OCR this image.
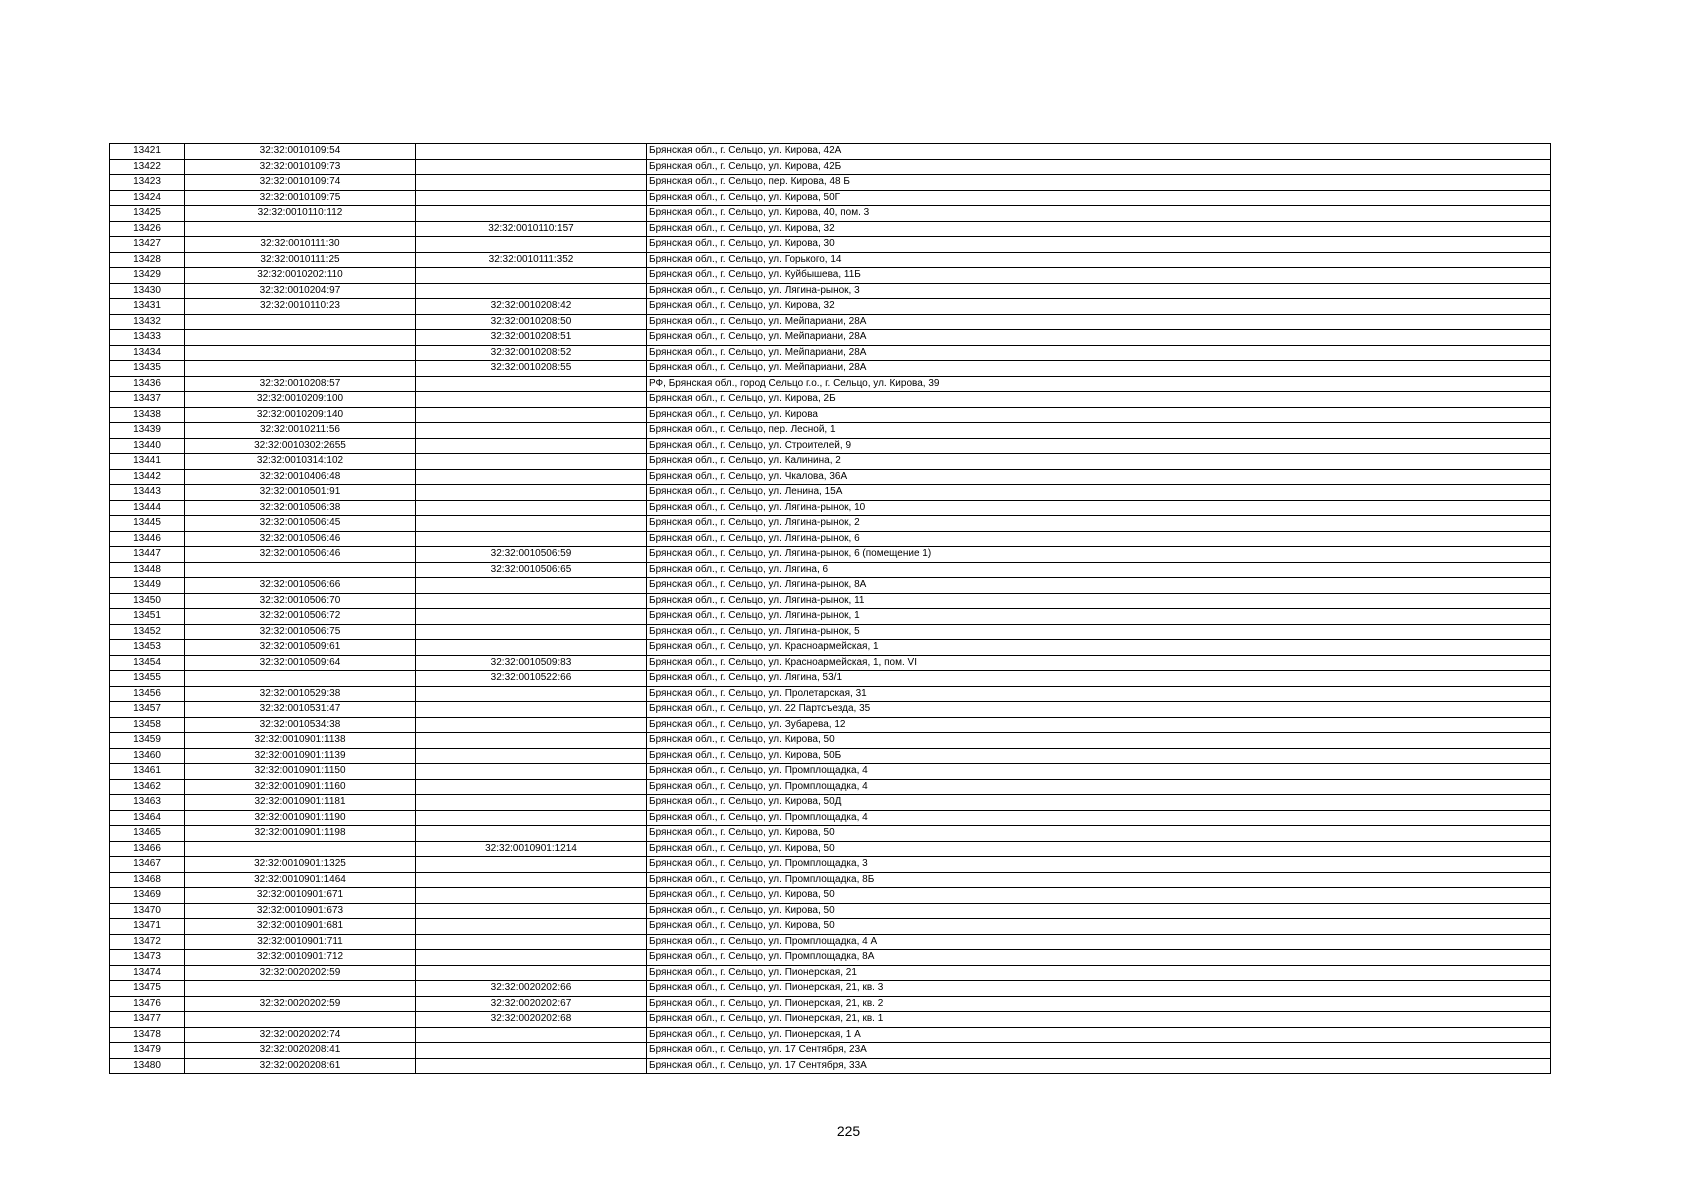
13421	32:32:0010109:54		Брянская обл., г. Сельцо, ул. Кирова, 42А
13422	32:32:0010109:73		Брянская обл., г. Сельцо, ул. Кирова, 42Б
13423	32:32:0010109:74		Брянская обл., г. Сельцо, пер. Кирова, 48 Б
13424	32:32:0010109:75		Брянская обл., г. Сельцо, ул. Кирова, 50Г
13425	32:32:0010110:112		Брянская обл., г. Сельцо, ул. Кирова, 40, пом. 3
13426		32:32:0010110:157	Брянская обл., г. Сельцо, ул. Кирова, 32
13427	32:32:0010111:30		Брянская обл., г. Сельцо, ул. Кирова, 30
13428	32:32:0010111:25	32:32:0010111:352	Брянская обл., г. Сельцо, ул. Горького, 14
13429	32:32:0010202:110		Брянская обл., г. Сельцо, ул. Куйбышева, 11Б
13430	32:32:0010204:97		Брянская обл., г. Сельцо, ул. Лягина-рынок, 3
13431	32:32:0010110:23	32:32:0010208:42	Брянская обл., г. Сельцо, ул. Кирова, 32
13432		32:32:0010208:50	Брянская обл., г. Сельцо, ул. Мейпариани, 28А
13433		32:32:0010208:51	Брянская обл., г. Сельцо, ул. Мейпариани, 28А
13434		32:32:0010208:52	Брянская обл., г. Сельцо, ул. Мейпариани, 28А
13435		32:32:0010208:55	Брянская обл., г. Сельцо, ул. Мейпариани, 28А
13436	32:32:0010208:57		РФ, Брянская обл., город Сельцо г.о., г. Сельцо, ул. Кирова, 39
13437	32:32:0010209:100		Брянская обл., г. Сельцо, ул. Кирова, 2Б
13438	32:32:0010209:140		Брянская обл., г. Сельцо, ул. Кирова
13439	32:32:0010211:56		Брянская обл., г. Сельцо, пер. Лесной, 1
13440	32:32:0010302:2655		Брянская обл., г. Сельцо, ул. Строителей, 9
13441	32:32:0010314:102		Брянская обл., г. Сельцо, ул. Калинина, 2
13442	32:32:0010406:48		Брянская обл., г. Сельцо, ул. Чкалова, 36А
13443	32:32:0010501:91		Брянская обл., г. Сельцо, ул. Ленина, 15А
13444	32:32:0010506:38		Брянская обл., г. Сельцо, ул. Лягина-рынок, 10
13445	32:32:0010506:45		Брянская обл., г. Сельцо, ул. Лягина-рынок, 2
13446	32:32:0010506:46		Брянская обл., г. Сельцо, ул. Лягина-рынок, 6
13447	32:32:0010506:46	32:32:0010506:59	Брянская обл., г. Сельцо, ул. Лягина-рынок, 6 (помещение 1)
13448		32:32:0010506:65	Брянская обл., г. Сельцо, ул. Лягина, 6
13449	32:32:0010506:66		Брянская обл., г. Сельцо, ул. Лягина-рынок, 8А
13450	32:32:0010506:70		Брянская обл., г. Сельцо, ул. Лягина-рынок, 11
13451	32:32:0010506:72		Брянская обл., г. Сельцо, ул. Лягина-рынок, 1
13452	32:32:0010506:75		Брянская обл., г. Сельцо, ул. Лягина-рынок, 5
13453	32:32:0010509:61		Брянская обл., г. Сельцо, ул. Красноармейская, 1
13454	32:32:0010509:64	32:32:0010509:83	Брянская обл., г. Сельцо, ул. Красноармейская, 1, пом. VI
13455		32:32:0010522:66	Брянская обл., г. Сельцо, ул. Лягина, 53/1
13456	32:32:0010529:38		Брянская обл., г. Сельцо, ул. Пролетарская, 31
13457	32:32:0010531:47		Брянская обл., г. Сельцо, ул. 22 Партсъезда, 35
13458	32:32:0010534:38		Брянская обл., г. Сельцо, ул. Зубарева, 12
13459	32:32:0010901:1138		Брянская обл., г. Сельцо, ул. Кирова, 50
13460	32:32:0010901:1139		Брянская обл., г. Сельцо, ул. Кирова, 50Б
13461	32:32:0010901:1150		Брянская обл., г. Сельцо, ул. Промплощадка, 4
13462	32:32:0010901:1160		Брянская обл., г. Сельцо, ул. Промплощадка, 4
13463	32:32:0010901:1181		Брянская обл., г. Сельцо, ул. Кирова, 50Д
13464	32:32:0010901:1190		Брянская обл., г. Сельцо, ул. Промплощадка, 4
13465	32:32:0010901:1198		Брянская обл., г. Сельцо, ул. Кирова, 50
13466		32:32:0010901:1214	Брянская обл., г. Сельцо, ул. Кирова, 50
13467	32:32:0010901:1325		Брянская обл., г. Сельцо, ул. Промплощадка, 3
13468	32:32:0010901:1464		Брянская обл., г. Сельцо, ул. Промплощадка, 8Б
13469	32:32:0010901:671		Брянская обл., г. Сельцо, ул. Кирова, 50
13470	32:32:0010901:673		Брянская обл., г. Сельцо, ул. Кирова, 50
13471	32:32:0010901:681		Брянская обл., г. Сельцо, ул. Кирова, 50
13472	32:32:0010901:711		Брянская обл., г. Сельцо, ул. Промплощадка, 4 А
13473	32:32:0010901:712		Брянская обл., г. Сельцо, ул. Промплощадка, 8А
13474	32:32:0020202:59		Брянская обл., г. Сельцо, ул. Пионерская, 21
13475		32:32:0020202:66	Брянская обл., г. Сельцо, ул. Пионерская, 21, кв. 3
13476	32:32:0020202:59	32:32:0020202:67	Брянская обл., г. Сельцо, ул. Пионерская, 21, кв. 2
13477		32:32:0020202:68	Брянская обл., г. Сельцо, ул. Пионерская, 21, кв. 1
13478	32:32:0020202:74		Брянская обл., г. Сельцо, ул. Пионерская, 1 А
13479	32:32:0020208:41		Брянская обл., г. Сельцо, ул. 17 Сентября, 23А
13480	32:32:0020208:61		Брянская обл., г. Сельцо, ул. 17 Сентября, 33А
225
